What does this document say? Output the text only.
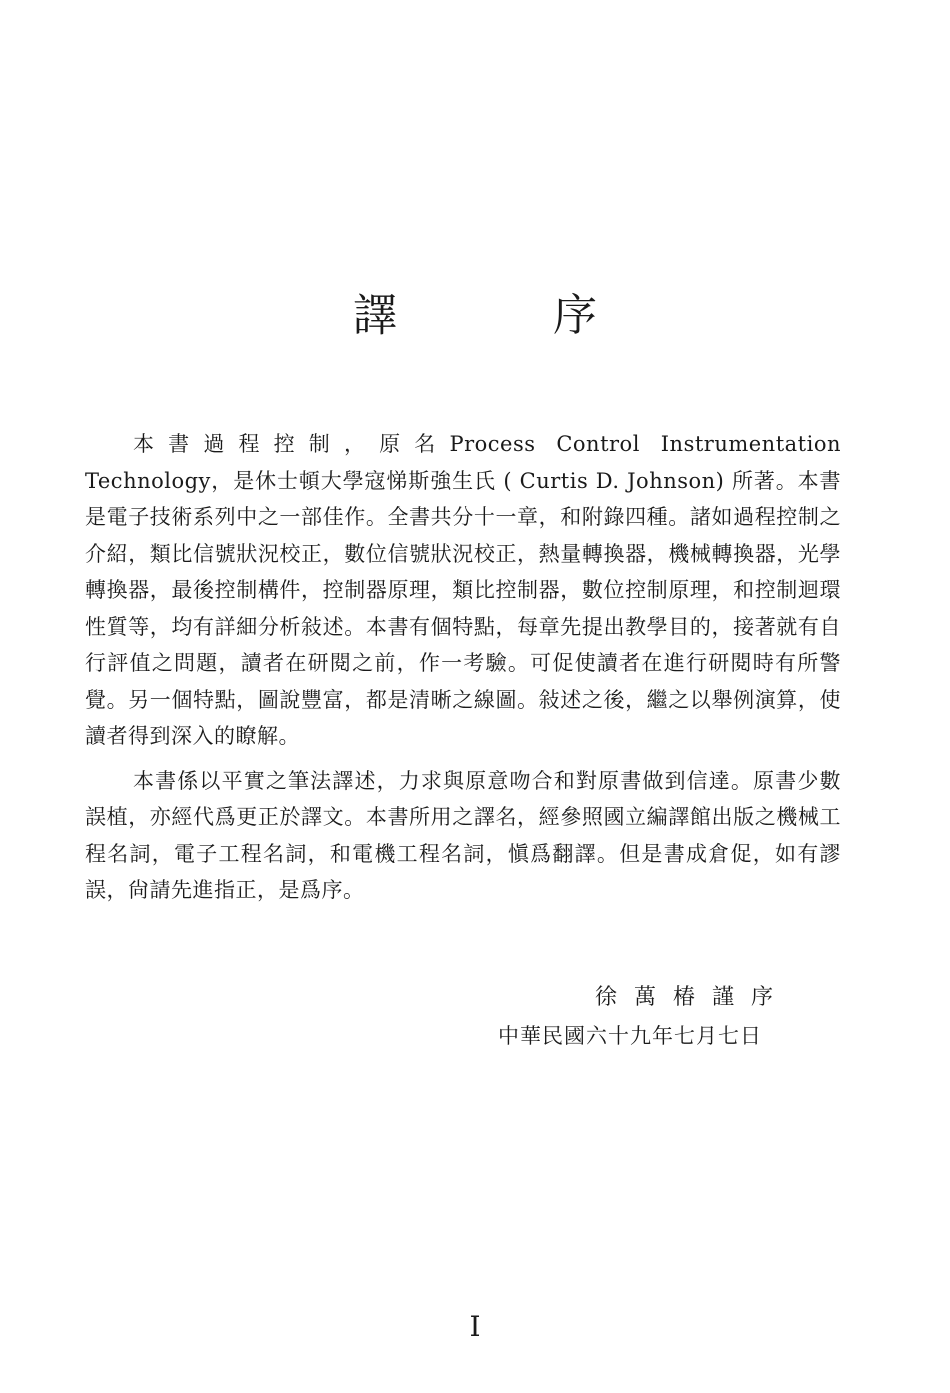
譯　序

本書過程控制，原名Process Control Instrumentation Technology，是休士頓大學寇悌斯強生氏 ( Curtis D. Johnson) 所著。本書是電子技術系列中之一部佳作。全書共分十一章，和附錄四種。諸如過程控制之介紹，類比信號狀況校正，數位信號狀況校正，熱量轉換器，機械轉換器，光學轉換器，最後控制構件，控制器原理，類比控制器，數位控制原理，和控制迴環性質等，均有詳細分析敍述。本書有個特點，每章先提出教學目的，接著就有自行評值之問題，讀者在研閱之前，作一考驗。可促使讀者在進行研閱時有所警覺。另一個特點，圖說豐富，都是清晰之線圖。敍述之後，繼之以舉例演算，使讀者得到深入的瞭解。

本書係以平實之筆法譯述，力求與原意吻合和對原書做到信達。原書少數誤植，亦經代爲更正於譯文。本書所用之譯名，經參照國立編譯館出版之機械工程名詞，電子工程名詞，和電機工程名詞，愼爲翻譯。但是書成倉促，如有謬誤，尙請先進指正，是爲序。

徐萬椿謹序
中華民國六十九年七月七日
I
